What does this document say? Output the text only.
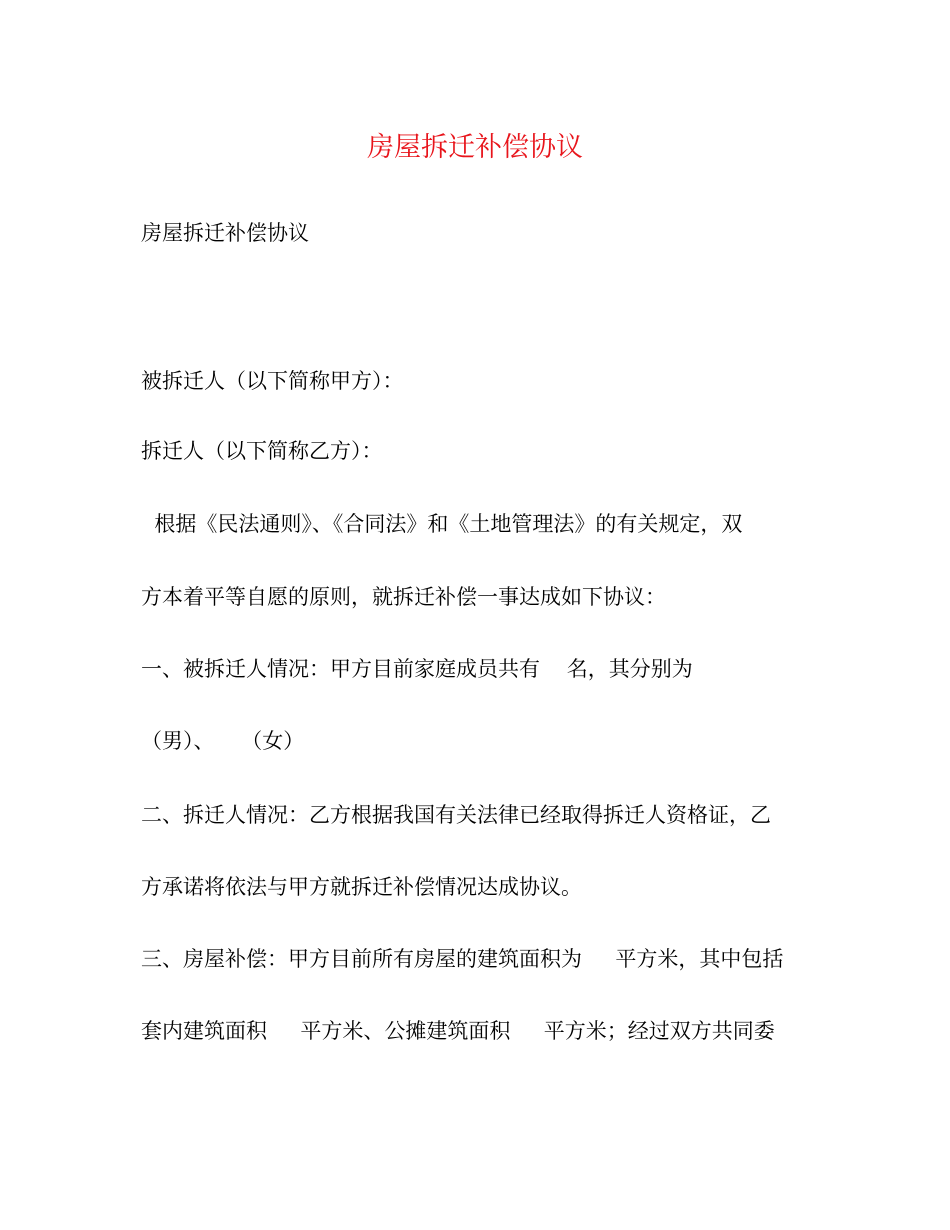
房屋拆迁补偿协议
房屋拆迁补偿协议
被拆迁人（以下简称甲方）：
拆迁人（以下简称乙方）：
根据《民法通则》、《合同法》和《土地管理法》的有关规定，双
方本着平等自愿的原则，就拆迁补偿一事达成如下协议：
一、被拆迁人情况：甲方目前家庭成员共有    名，其分别为
（男）、    （女）
二、拆迁人情况：乙方根据我国有关法律已经取得拆迁人资格证，乙
方承诺将依法与甲方就拆迁补偿情况达成协议。
三、房屋补偿：甲方目前所有房屋的建筑面积为     平方米，其中包括
套内建筑面积     平方米、公摊建筑面积     平方米；经过双方共同委
